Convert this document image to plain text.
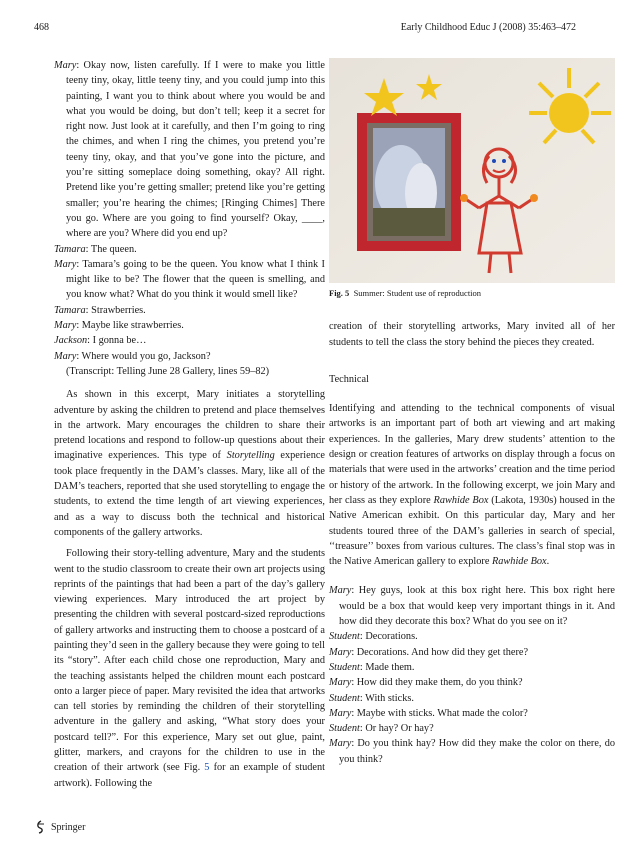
468	Early Childhood Educ J (2008) 35:463–472

Mary: Okay now, listen carefully. If I were to make you little teeny tiny, okay, little teeny tiny, and you could jump into this painting, I want you to think about where you would be and what you would be doing, but don’t tell; keep it a secret for right now. Just look at it carefully, and then I’m going to ring the chimes, and when I ring the chimes, you pretend you’re teeny tiny, okay, and that you’ve gone into the picture, and you’re sitting someplace doing something, okay? All right. Pretend like you’re getting smaller; pretend like you’re getting smaller; you’re hearing the chimes; [Ringing Chimes] There you go. Where are you going to find yourself? Okay, ____, where are you? Where did you end up?

Tamara: The queen.

Mary: Tamara’s going to be the queen. You know what I think I might like to be? The flower that the queen is smelling, and you know what? What do you think it would smell like?

Tamara: Strawberries.

Mary: Maybe like strawberries.

Jackson: I gonna be…

Mary: Where would you go, Jackson?

(Transcript: Telling June 28 Gallery, lines 59–82)

As shown in this excerpt, Mary initiates a storytelling adventure by asking the children to pretend and place themselves in the artwork. Mary encourages the children to share their pretend locations and respond to follow-up questions about their imaginative experiences. This type of Storytelling experience took place frequently in the DAM’s classes. Mary, like all of the DAM’s teachers, reported that she used storytelling to engage the students, to extend the time length of art viewing experiences, and as a way to discuss both the technical and historical components of the gallery artworks.

Following their story-telling adventure, Mary and the students went to the studio classroom to create their own art projects using reprints of the paintings that had been a part of the day’s gallery viewing experiences. Mary introduced the art project by presenting the children with several postcard-sized reproductions of gallery artworks and instructing them to choose a postcard of a painting they’d seen in the gallery because they were going to tell its “story”. After each child chose one reproduction, Mary and the teaching assistants helped the children mount each postcard onto a larger piece of paper. Mary revisited the idea that artworks can tell stories by reminding the children of their storytelling adventure in the gallery and asking, “What story does your postcard tell?”. For this experience, Mary set out glue, paint, glitter, markers, and crayons for the children to use in the creation of their artwork (see Fig. 5 for an example of student artwork). Following the

Fig. 5 Summer: Student use of reproduction

creation of their storytelling artworks, Mary invited all of her students to tell the class the story behind the pieces they created.

Technical

Identifying and attending to the technical components of visual artworks is an important part of both art viewing and art making experiences. In the galleries, Mary drew students’ attention to the design or creation features of artworks on display through a focus on materials that were used in the artworks’ creation and the time period or history of the artwork. In the following excerpt, we join Mary and her class as they explore Rawhide Box (Lakota, 1930s) housed in the Native American exhibit. On this particular day, Mary and her students toured three of the DAM’s galleries in search of special, ‘‘treasure’’ boxes from various cultures. The class’s final stop was in the Native American gallery to explore Rawhide Box.

Mary: Hey guys, look at this box right here. This box right here would be a box that would keep very important things in it. And how did they decorate this box? What do you see on it?

Student: Decorations.

Mary: Decorations. And how did they get there?

Student: Made them.

Mary: How did they make them, do you think?

Student: With sticks.

Mary: Maybe with sticks. What made the color?

Student: Or hay? Or hay?

Mary: Do you think hay? How did they make the color on there, do you think?

Springer
